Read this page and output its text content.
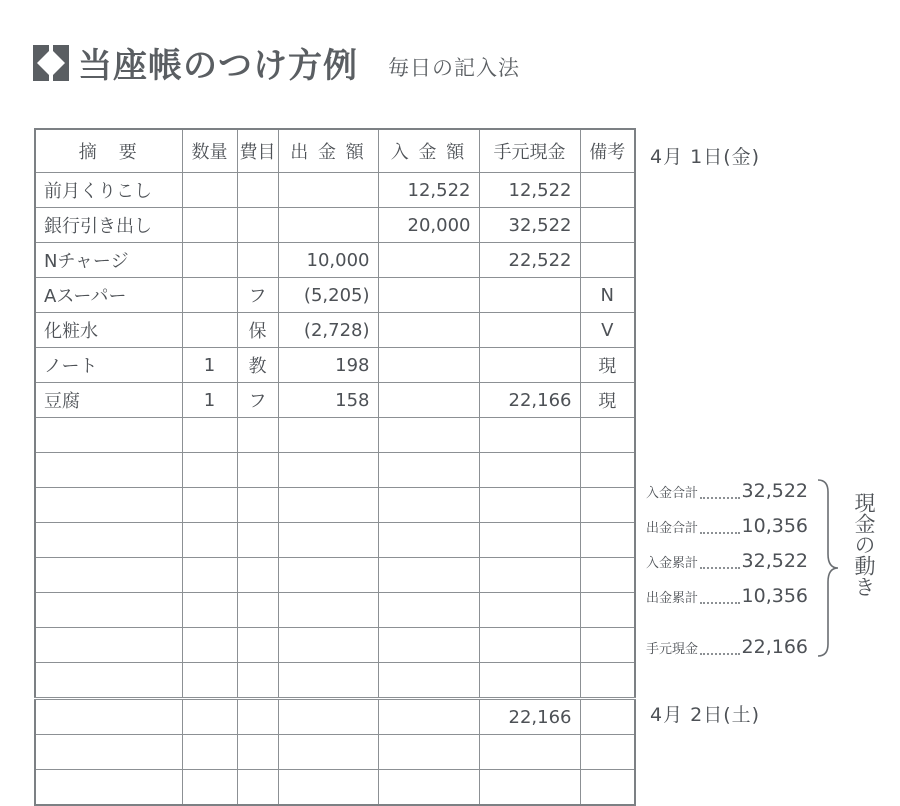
当座帳のつけ方例 毎日の記入法
摘　要	数量	費目	出 金 額	入 金 額	手元現金	備考
前月くりこし				12,522	12,522	
銀行引き出し				20,000	32,522	
Nチャージ			10,000		22,522	
Aスーパー		フ	(5,205)			N
化粧水		保	(2,728)			V
ノート	1	教	198			現
豆腐	1	フ	158		22,166	現

					22,166	

4月 1日(金)
4月 2日(土)
入金合計 32,522
出金合計 10,356
入金累計 32,522
出金累計 10,356
手元現金 22,166
現金の動き
